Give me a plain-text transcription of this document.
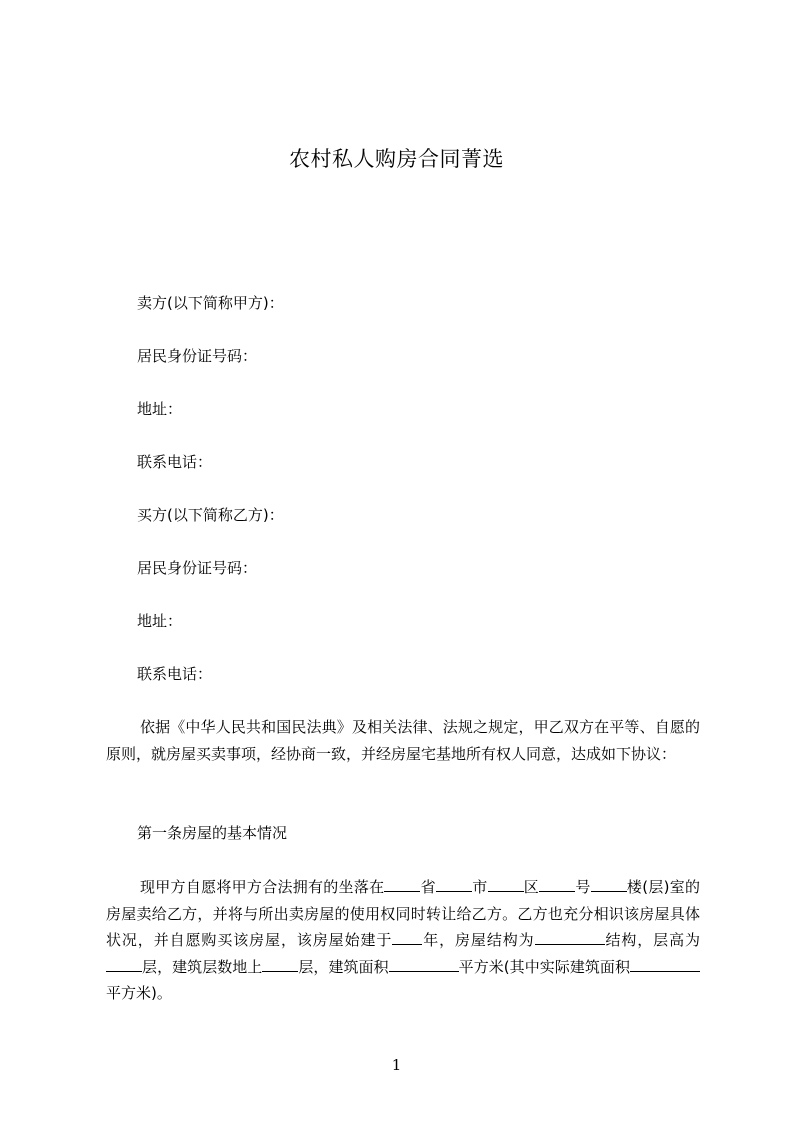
农村私人购房合同菁选
卖方(以下简称甲方)：
居民身份证号码：
地址：
联系电话：
买方(以下简称乙方)：
居民身份证号码：
地址：
联系电话：
依据《中华人民共和国民法典》及相关法律、法规之规定，甲乙双方在平等、自愿的原则，就房屋买卖事项，经协商一致，并经房屋宅基地所有权人同意，达成如下协议：
第一条房屋的基本情况
现甲方自愿将甲方合法拥有的坐落在 省 市 区 号 楼(层)室的房屋卖给乙方，并将与所出卖房屋的使用权同时转让给乙方。乙方也充分相识该房屋具体状况，并自愿购买该房屋，该房屋始建于 年，房屋结构为	结构，层高为层，建筑层数地上 层，建筑面积	平方米(其中实际建筑面积平方米)。
1
